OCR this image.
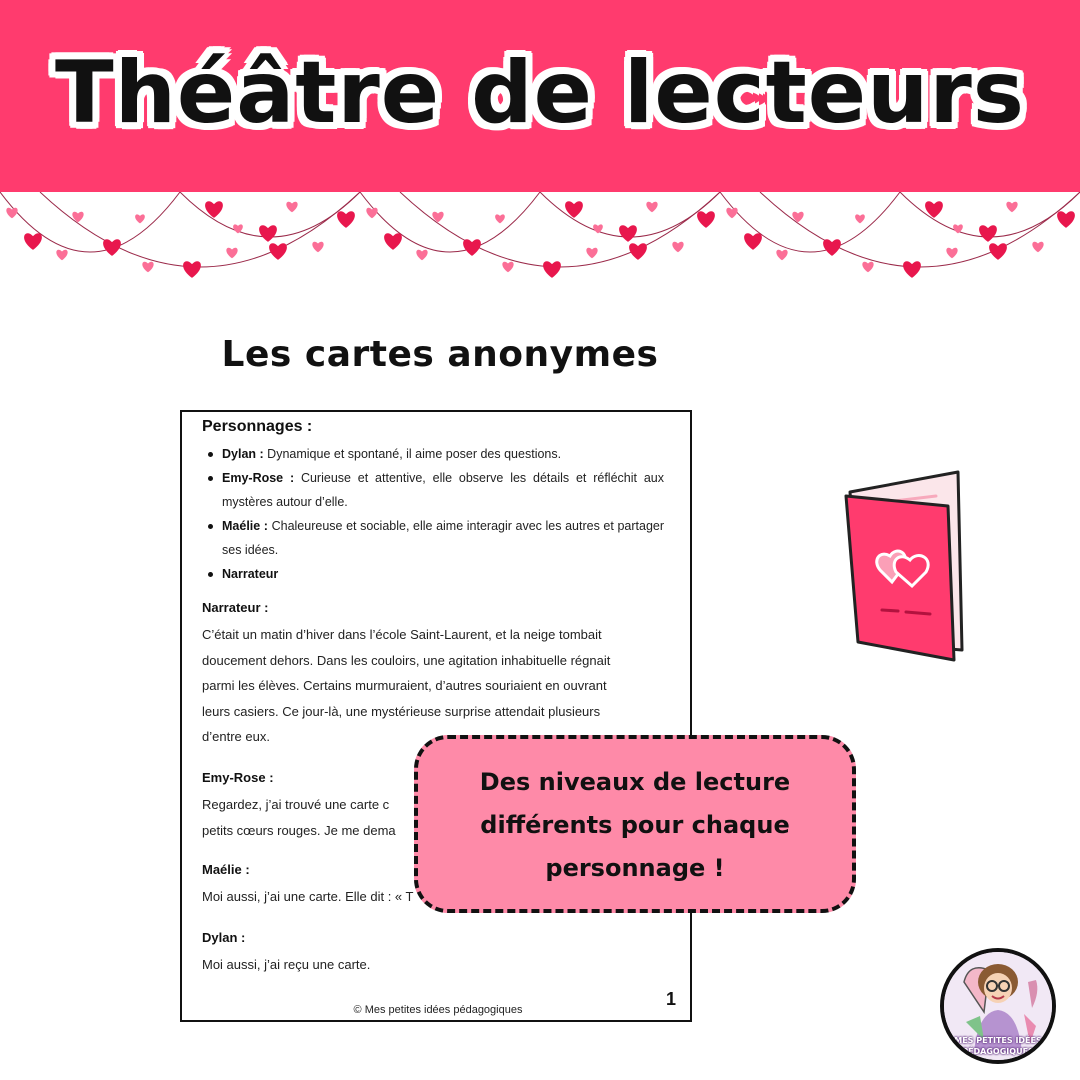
Théâtre de lecteurs
Les cartes anonymes
Personnages :
Dylan : Dynamique et spontané, il aime poser des questions.
Emy-Rose : Curieuse et attentive, elle observe les détails et réfléchit aux mystères autour d’elle.
Maélie : Chaleureuse et sociable, elle aime interagir avec les autres et partager ses idées.
Narrateur
Narrateur :
C’était un matin d’hiver dans l’école Saint-Laurent, et la neige tombait
doucement dehors. Dans les couloirs, une agitation inhabituelle régnait
parmi les élèves. Certains murmuraient, d’autres souriaient en ouvrant
leurs casiers. Ce jour-là, une mystérieuse surprise attendait plusieurs
d’entre eux.
Emy-Rose :
Regardez, j’ai trouvé une carte c
petits cœurs rouges. Je me dema
Maélie :
Moi aussi, j’ai une carte. Elle dit : « T
Dylan :
Moi aussi, j’ai reçu une carte.
© Mes petites idées pédagogiques
1
Des niveaux de lecture
différents pour chaque
personnage !
MES PETITES IDÉES
PÉDAGOGIQUES
